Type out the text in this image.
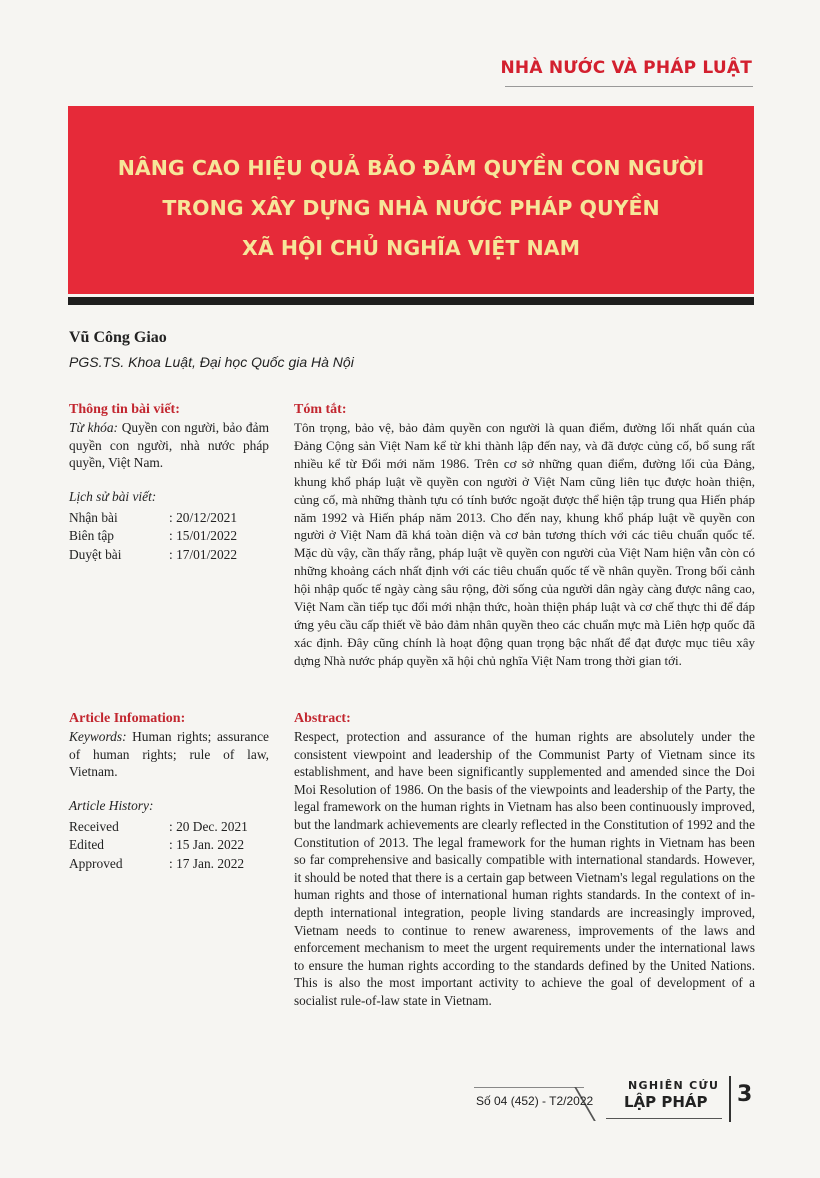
NHÀ NƯỚC VÀ PHÁP LUẬT
NÂNG CAO HIỆU QUẢ BẢO ĐẢM QUYỀN CON NGƯỜI
TRONG XÂY DỰNG NHÀ NƯỚC PHÁP QUYỀN
XÃ HỘI CHỦ NGHĨA VIỆT NAM
Vũ Công Giao
PGS.TS. Khoa Luật, Đại học Quốc gia Hà Nội
Thông tin bài viết:
Từ khóa: Quyền con người, bảo đảm quyền con người, nhà nước pháp quyền, Việt Nam.
Lịch sử bài viết:
Nhận bài	: 20/12/2021
Biên tập	: 15/01/2022
Duyệt bài	: 17/01/2022
Tóm tắt:
Tôn trọng, bảo vệ, bảo đảm quyền con người là quan điểm, đường lối nhất quán của Đảng Cộng sản Việt Nam kể từ khi thành lập đến nay, và đã được củng cố, bổ sung rất nhiều kể từ Đổi mới năm 1986. Trên cơ sở những quan điểm, đường lối của Đảng, khung khổ pháp luật về quyền con người ở Việt Nam cũng liên tục được hoàn thiện, củng cố, mà những thành tựu có tính bước ngoặt được thể hiện tập trung qua Hiến pháp năm 1992 và Hiến pháp năm 2013. Cho đến nay, khung khổ pháp luật về quyền con người ở Việt Nam đã khá toàn diện và cơ bản tương thích với các tiêu chuẩn quốc tế. Mặc dù vậy, cần thấy rằng, pháp luật về quyền con người của Việt Nam hiện vẫn còn có những khoảng cách nhất định với các tiêu chuẩn quốc tế về nhân quyền. Trong bối cảnh hội nhập quốc tế ngày càng sâu rộng, đời sống của người dân ngày càng được nâng cao, Việt Nam cần tiếp tục đổi mới nhận thức, hoàn thiện pháp luật và cơ chế thực thi để đáp ứng yêu cầu cấp thiết về bảo đảm nhân quyền theo các chuẩn mực mà Liên hợp quốc đã xác định. Đây cũng chính là hoạt động quan trọng bậc nhất để đạt được mục tiêu xây dựng Nhà nước pháp quyền xã hội chủ nghĩa Việt Nam trong thời gian tới.
Article Infomation:
Keywords: Human rights; assurance of human rights; rule of law, Vietnam.
Article History:
Received	: 20 Dec. 2021
Edited	: 15 Jan. 2022
Approved	: 17 Jan. 2022
Abstract:
Respect, protection and assurance of the human rights are absolutely under the consistent viewpoint and leadership of the Communist Party of Vietnam since its establishment, and have been significantly supplemented and amended since the Doi Moi Resolution of 1986. On the basis of the viewpoints and leadership of the Party, the legal framework on the human rights in Vietnam has also been continuously improved, but the landmark achievements are clearly reflected in the Constitution of 1992 and the Constitution of 2013. The legal framework for the human rights in Vietnam has been so far comprehensive and basically compatible with international standards. However, it should be noted that there is a certain gap between Vietnam's legal regulations on the human rights and those of international human rights standards. In the context of in-depth international integration, people living standards are increasingly improved, Vietnam needs to continue to renew awareness, improvements of the laws and enforcement mechanism to meet the urgent requirements under the international laws to ensure the human rights according to the standards defined by the United Nations. This is also the most important activity to achieve the goal of development of a socialist rule-of-law state in Vietnam.
Số 04 (452) - T2/2022
NGHIÊN CỨU
LẬP PHÁP 3
